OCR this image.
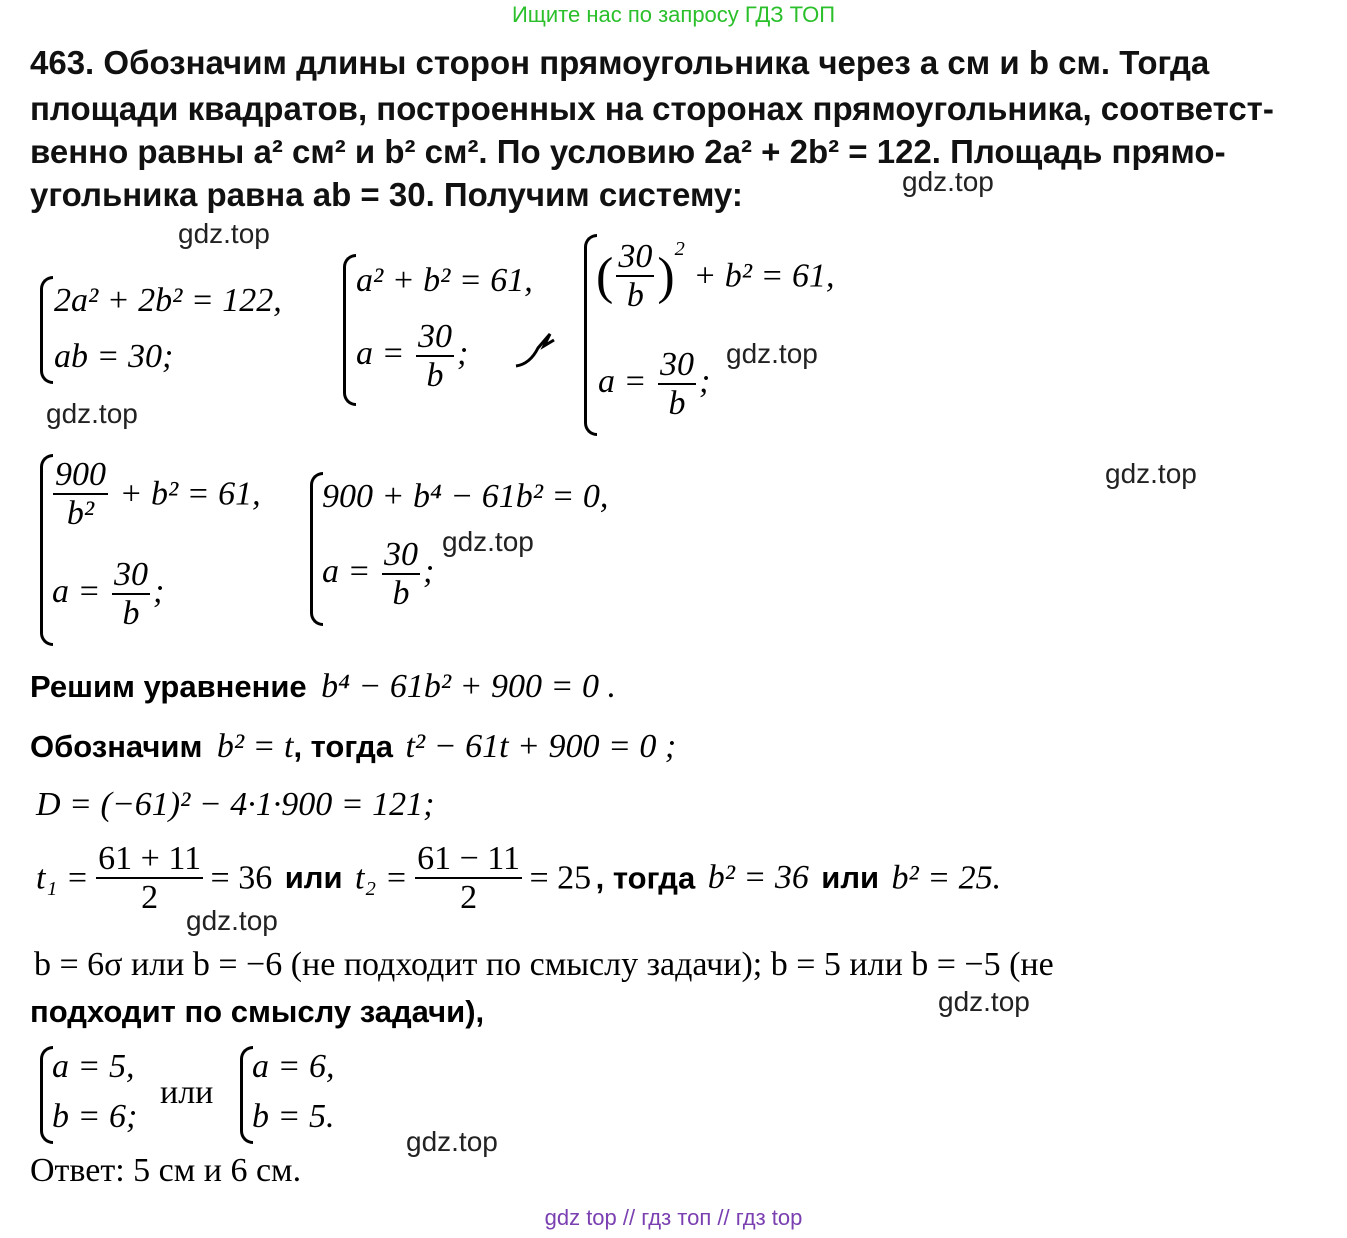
Ищите нас по запросу ГДЗ ТОП

463. Обозначим длины сторон прямоугольника через a см и b см. Тогда

площади квадратов, построенных на сторонах прямоугольника, соответст-

венно равны a² см² и b² см². По условию 2a² + 2b² = 122. Площадь прямо-

угольника равна ab = 30. Получим систему:	gdz.top
gdz.top
gdz.top
gdz.top
gdz.top
gdz.top
gdz.top
gdz.top
gdz.top
2a² + 2b² = 122,
ab = 30;
a² + b² = 61,
$a = \frac{30}{b}$ ;
( $\frac{30}{b} )^2 + b^2 = 61$,
$a = \frac{30}{b}$ ;
$\frac{900}{\text{b²}} + b^2 = 61$,
$a = \frac{30}{b}$ ;
900 + b⁴ − 61b² = 0,
$a = \frac{30}{b}$ ;
Решим уравнение b⁴ − 61b² + 900 = 0 .
Обозначим b² = t, тогда t² − 61t + 900 = 0 ;
D = (−61)² − 4·1·900 = 121;
$t_1 = \frac{61 + 11}{2} = 36$ или $t_2 = \frac{61 - 11}{2} = 25$ , тогда b² = 36 или b² = 25.
b = 6σ или b = −6 (не подходит по смыслу задачи); b = 5 или b = −5 (не
подходит по смыслу задачи),
a = 5,
b = 6;
или
a = 6,
b = 5.
Ответ: 5 см и 6 см.
gdz top // гдз топ // гдз top
